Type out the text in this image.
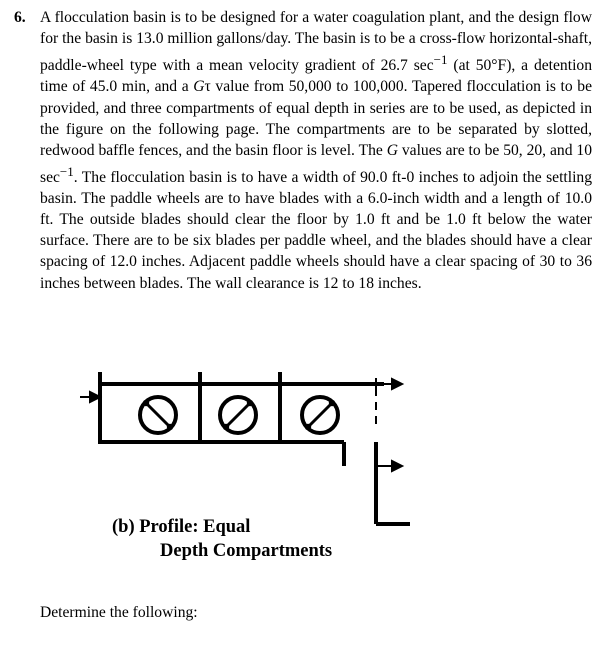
6. A flocculation basin is to be designed for a water coagulation plant, and the design flow for the basin is 13.0 million gallons/day. The basin is to be a cross-flow horizontal-shaft, paddle-wheel type with a mean velocity gradient of 26.7 $\sec^{-1} (at$ 50°F), a detention time of 45.0 min, and a Gτ value from 50,000 to 100,000. Tapered flocculation is to be provided, and three compartments of equal depth in series are to be used, as depicted in the figure on the following page. The compartments are to be separated by slotted, redwood baffle fences, and the basin floor is level. The G values are to be 50, 20, and 10 $\sec^{-1}$. The flocculation basin is to have a width of 90.0 ft-0 inches to adjoin the settling basin. The paddle wheels are to have blades with a 6.0-inch width and a length of 10.0 ft. The outside blades should clear the floor by 1.0 ft and be 1.0 ft below the water surface. There are to be six blades per paddle wheel, and the blades should have a clear spacing of 12.0 inches. Adjacent paddle wheels should have a clear spacing of 30 to 36 inches between blades. The wall clearance is 12 to 18 inches.
(b) Profile: Equal
Depth Compartments
Determine the following:
